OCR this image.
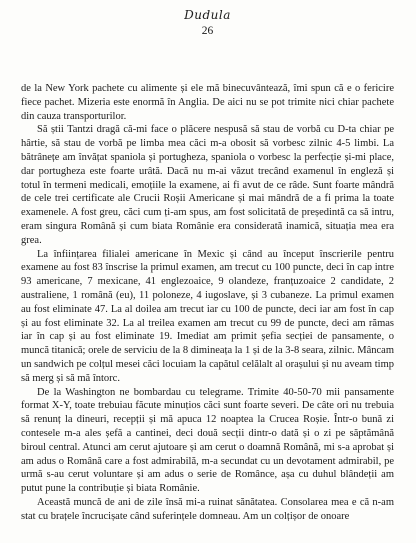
Dudula
26

de la New York pachete cu alimente și ele mă binecuvântează, îmi spun că e o fericire fiece pachet. Mizeria este enormă în Anglia. De aici nu se pot trimite nici chiar pachete din cauza transporturilor.

Să știi Tantzi dragă că-mi face o plăcere nespusă să stau de vorbă cu D-ta chiar pe hârtie, să stau de vorbă pe limba mea căci m-a obosit să vorbesc zilnic 4-5 limbi. La bătrânețe am învățat spaniola și portugheza, spaniola o vorbesc la perfecție și-mi place, dar portugheza este foarte urâtă. Dacă nu m-ai văzut trecând examenul în engleză și totul în termeni medicali, emoțiile la examene, ai fi avut de ce râde. Sunt foarte mândră de cele trei certificate ale Crucii Roșii Americane și mai mândră de a fi prima la toate examenele. A fost greu, căci cum ți-am spus, am fost solicitată de președintă ca să intru, eram singura Română și cum biata Românie era considerată inamică, situația mea era grea.

La înființarea filialei americane în Mexic și când au început înscrierile pentru examene au fost 83 înscrise la primul examen, am trecut cu 100 puncte, deci în cap intre 93 americane, 7 mexicane, 41 englezoaice, 9 olandeze, franțuzoaice 2 candidate, 2 australiene, 1 română (eu), 11 poloneze, 4 iugoslave, și 3 cubaneze. La primul examen au fost eliminate 47. La al doilea am trecut iar cu 100 de puncte, deci iar am fost în cap și au fost eliminate 32. La al treilea examen am trecut cu 99 de puncte, deci am rămas iar în cap și au fost eliminate 19. Imediat am primit șefia secției de pansamente, o muncă titanică; orele de serviciu de la 8 dimineața la 1 și de la 3-8 seara, zilnic. Mâncam un sandwich pe colțul mesei căci locuiam la capătul celălalt al orașului și nu aveam timp să merg și să mă întorc.

De la Washington ne bombardau cu telegrame. Trimite 40-50-70 mii pansamente format X-Y, toate trebuiau făcute minuțios căci sunt foarte severi. De câte ori nu trebuia să renunț la dineuri, recepții și mă apuca 12 noaptea la Crucea Roșie. Într-o bună zi contesele m-a ales șefă a cantinei, deci două secții dintr-o dată și o zi pe săptămână biroul central. Atunci am cerut ajutoare și am cerut o doamnă Română, mi s-a aprobat și am adus o Română care a fost admirabilă, m-a secundat cu un devotament admirabil, pe urmă s-au cerut voluntare și am adus o serie de Românce, așa cu duhul blândeții am putut pune la contribuție și biata Românie.

Această muncă de ani de zile însă mi-a ruinat sănătatea. Consolarea mea e că n-am stat cu brațele încrucișate când suferințele domneau. Am un colțișor de onoare
